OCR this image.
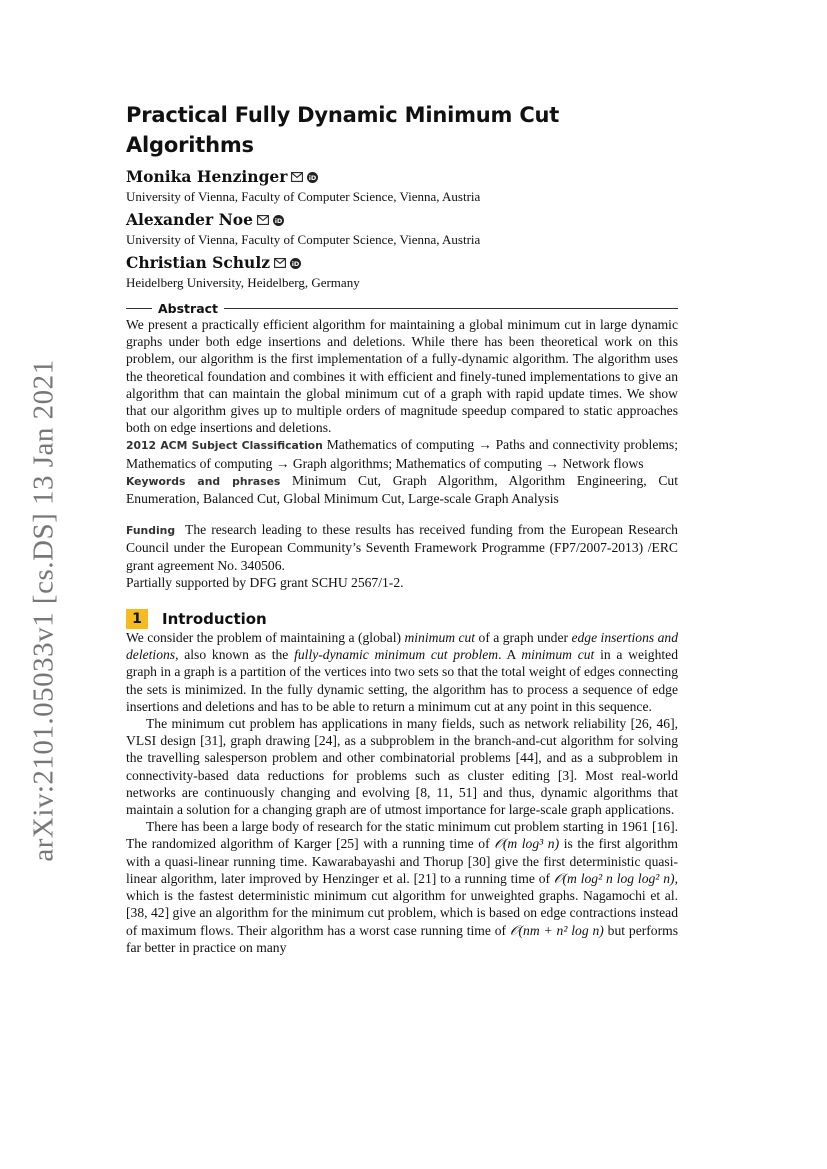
arXiv:2101.05033v1 [cs.DS] 13 Jan 2021
Practical Fully Dynamic Minimum Cut Algorithms
Monika Henzinger	iD
University of Vienna, Faculty of Computer Science, Vienna, Austria
Alexander Noe	iD
University of Vienna, Faculty of Computer Science, Vienna, Austria
Christian Schulz	iD
Heidelberg University, Heidelberg, Germany
Abstract

We present a practically efficient algorithm for maintaining a global minimum cut in large dynamic graphs under both edge insertions and deletions. While there has been theoretical work on this problem, our algorithm is the first implementation of a fully-dynamic algorithm. The algorithm uses the theoretical foundation and combines it with efficient and finely-tuned implementations to give an algorithm that can maintain the global minimum cut of a graph with rapid update times. We show that our algorithm gives up to multiple orders of magnitude speedup compared to static approaches both on edge insertions and deletions.

2012 ACM Subject Classification Mathematics of computing → Paths and connectivity problems; Mathematics of computing → Graph algorithms; Mathematics of computing → Network flows

Keywords and phrases Minimum Cut, Graph Algorithm, Algorithm Engineering, Cut Enumeration, Balanced Cut, Global Minimum Cut, Large-scale Graph Analysis

Funding The research leading to these results has received funding from the European Research Council under the European Community’s Seventh Framework Programme (FP7/2007-2013) /ERC grant agreement No. 340506.

Partially supported by DFG grant SCHU 2567/1-2.

1	Introduction

We consider the problem of maintaining a (global) minimum cut of a graph under edge insertions and deletions, also known as the fully-dynamic minimum cut problem. A minimum cut in a weighted graph in a graph is a partition of the vertices into two sets so that the total weight of edges connecting the sets is minimized. In the fully dynamic setting, the algorithm has to process a sequence of edge insertions and deletions and has to be able to return a minimum cut at any point in this sequence.

The minimum cut problem has applications in many fields, such as network reliability [26, 46], VLSI design [31], graph drawing [24], as a subproblem in the branch-and-cut algorithm for solving the travelling salesperson problem and other combinatorial problems [44], and as a subproblem in connectivity-based data reductions for problems such as cluster editing [3]. Most real-world networks are continuously changing and evolving [8, 11, 51] and thus, dynamic algorithms that maintain a solution for a changing graph are of utmost importance for large-scale graph applications.

There has been a large body of research for the static minimum cut problem starting in 1961 [16]. The randomized algorithm of Karger [25] with a running time of 𝒪(m log³ n) is the first algorithm with a quasi-linear running time. Kawarabayashi and Thorup [30] give the first deterministic quasi-linear algorithm, later improved by Henzinger et al. [21] to a running time of 𝒪(m log² n log log² n), which is the fastest deterministic minimum cut algorithm for unweighted graphs. Nagamochi et al. [38, 42] give an algorithm for the minimum cut problem, which is based on edge contractions instead of maximum flows. Their algorithm has a worst case running time of 𝒪(nm + n² log n) but performs far better in practice on many
